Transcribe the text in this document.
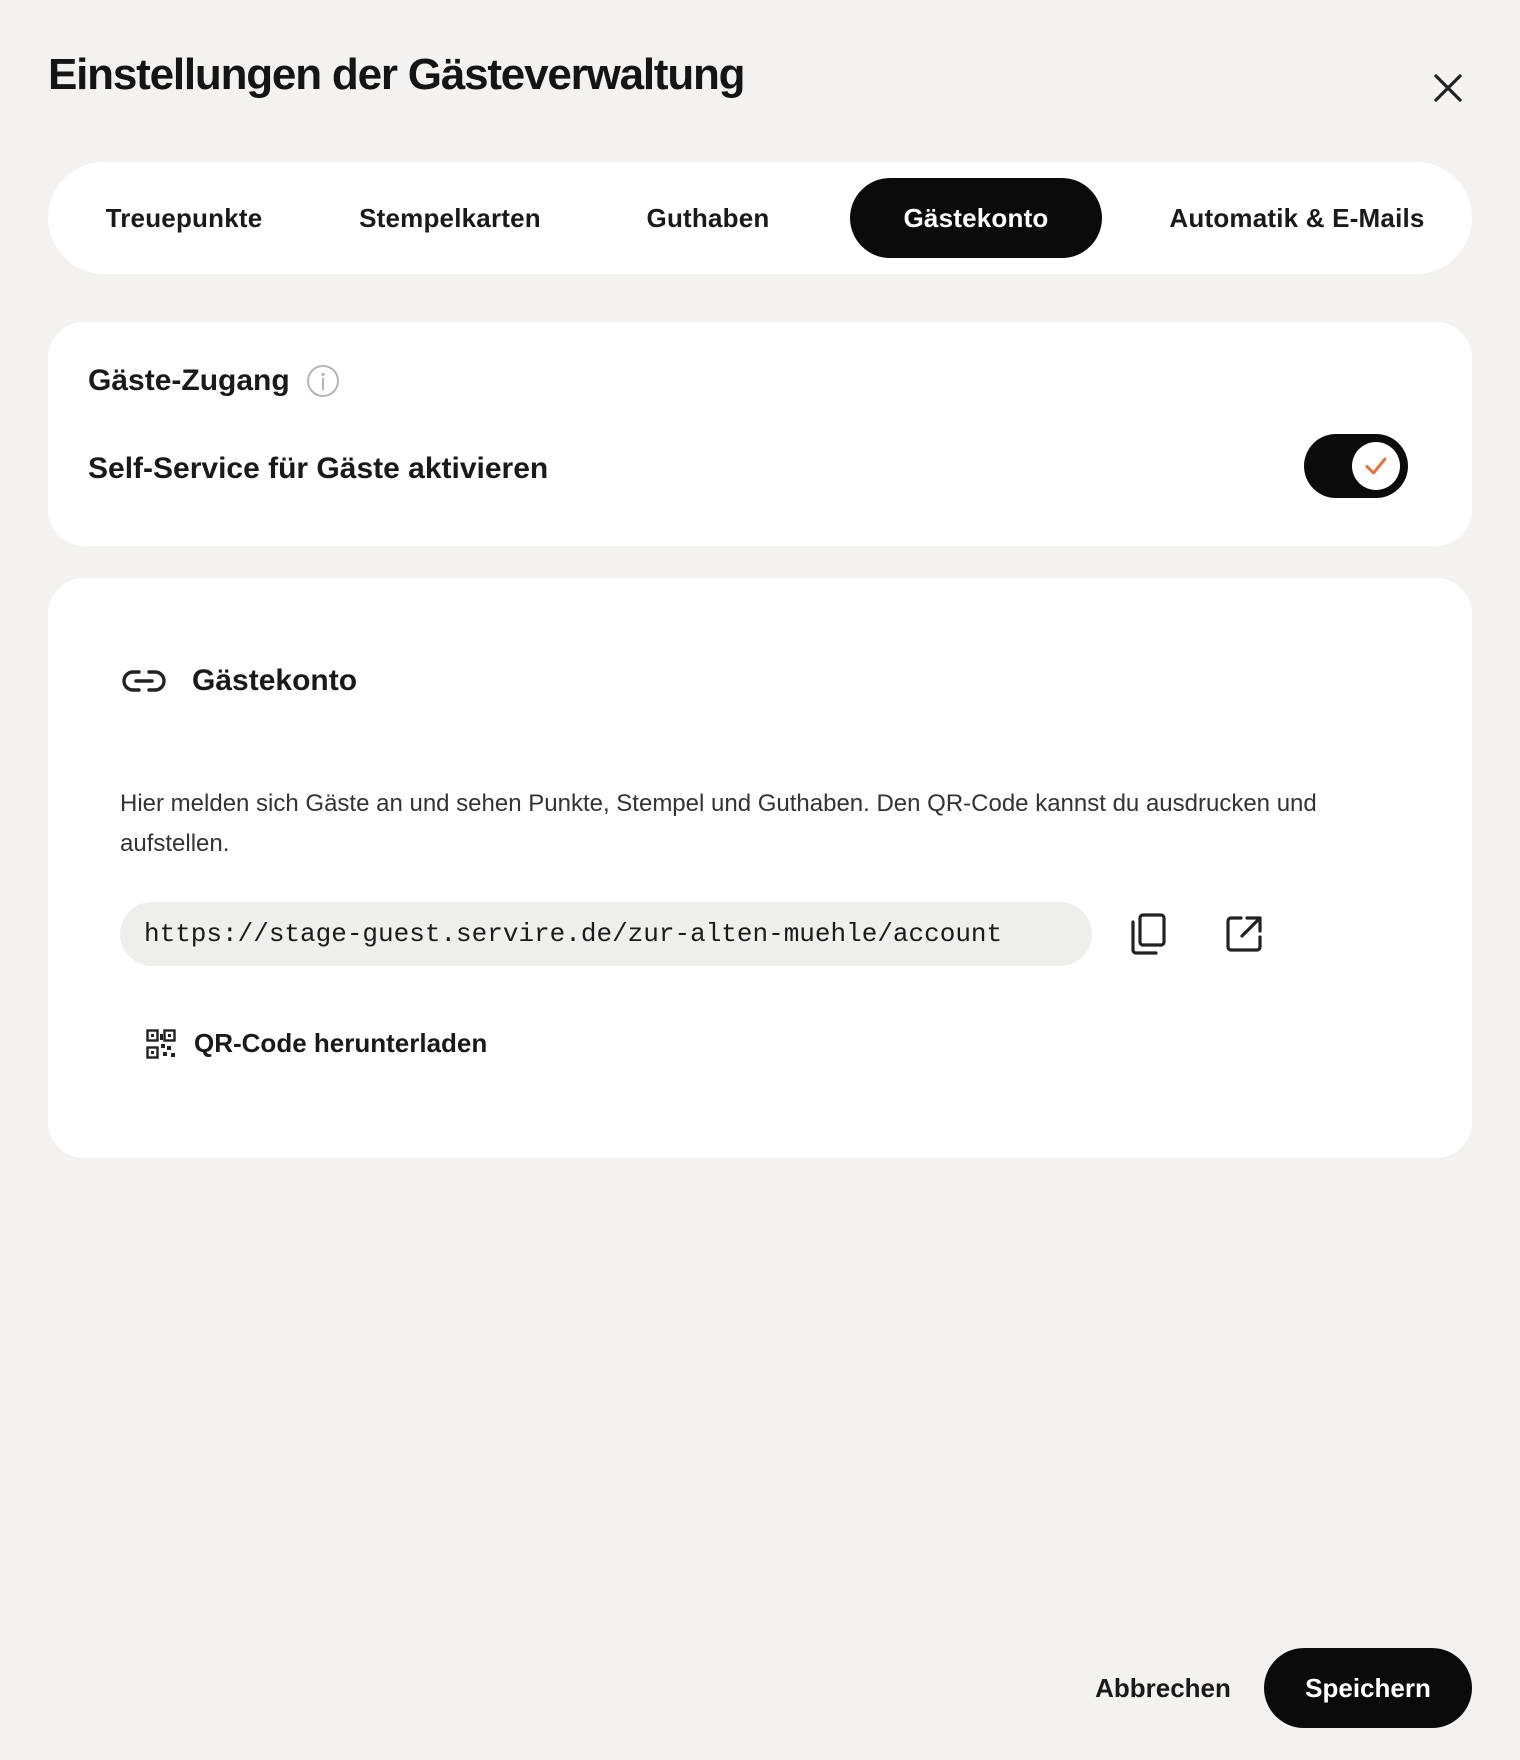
Einstellungen der Gästeverwaltung
Treuepunkte	Stempelkarten	Guthaben	Gästekonto	Automatik & E-Mails
Gäste-Zugang
Self-Service für Gäste aktivieren
Gästekonto

Hier melden sich Gäste an und sehen Punkte, Stempel und Guthaben. Den QR-Code kannst du ausdrucken und aufstellen.

https://stage-guest.servire.de/zur-alten-muehle/account
QR-Code herunterladen
Abbrechen	Speichern
